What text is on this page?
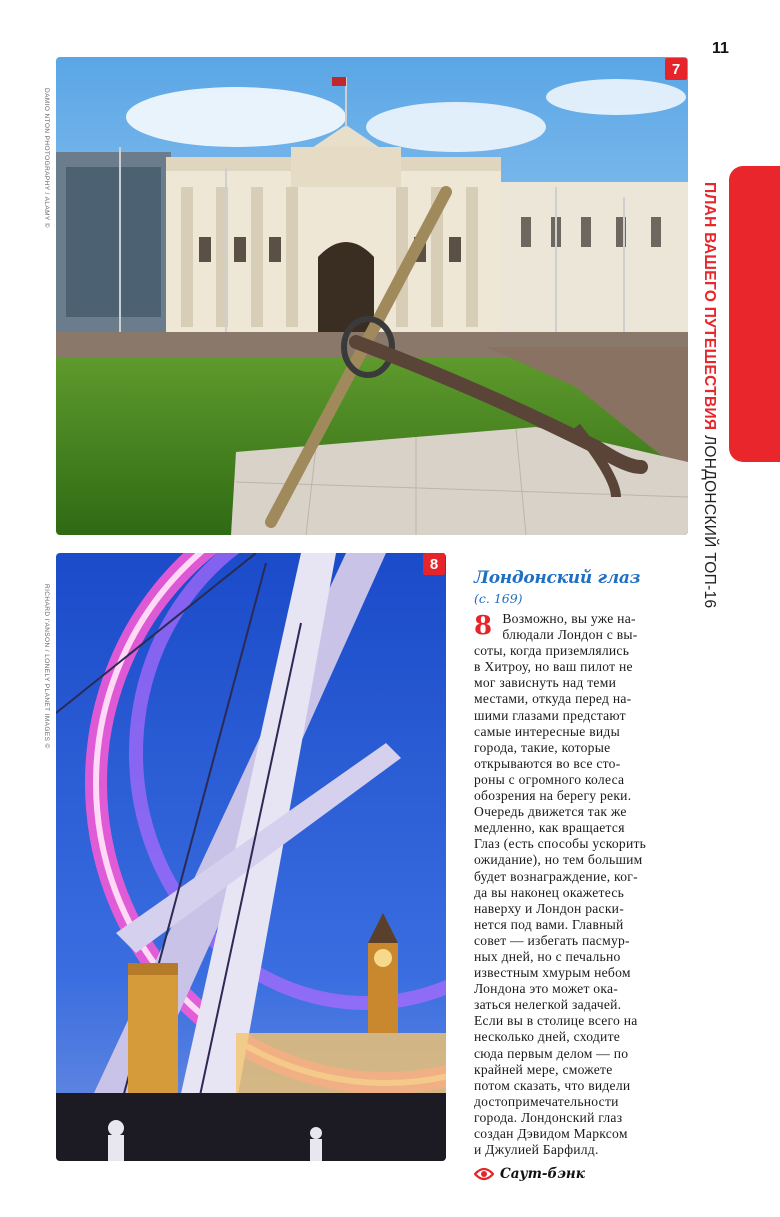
11
7
DAMIO NTON PHOTOGRAPHY / ALAMY ©
8
RICHARD I'ANSON / LONELY PLANET IMAGES ©
ПЛАН ВАШЕГО ПУТЕШЕСТВИЯ ЛОНДОНСКИЙ ТОП-16
Лондонский глаз
(с. 169)
8 Возможно, вы уже на-
блюдали Лондон с вы-
соты, когда приземлялись
в Хитроу, но ваш пилот не
мог зависнуть над теми
местами, откуда перед на-
шими глазами предстают
самые интересные виды
города, такие, которые
открываются во все сто-
роны с огромного колеса
обозрения на берегу реки.
Очередь движется так же
медленно, как вращается
Глаз (есть способы ускорить
ожидание), но тем большим
будет вознаграждение, ког-
да вы наконец окажетесь
наверху и Лондон раски-
нется под вами. Главный
совет — избегать пасмур-
ных дней, но с печально
известным хмурым небом
Лондона это может ока-
заться нелегкой задачей.
Если вы в столице всего на
несколько дней, сходите
сюда первым делом — по
крайней мере, сможете
потом сказать, что видели
достопримечательности
города. Лондонский глаз
создан Дэвидом Марксом
и Джулией Барфилд.
Саут-бэнк
